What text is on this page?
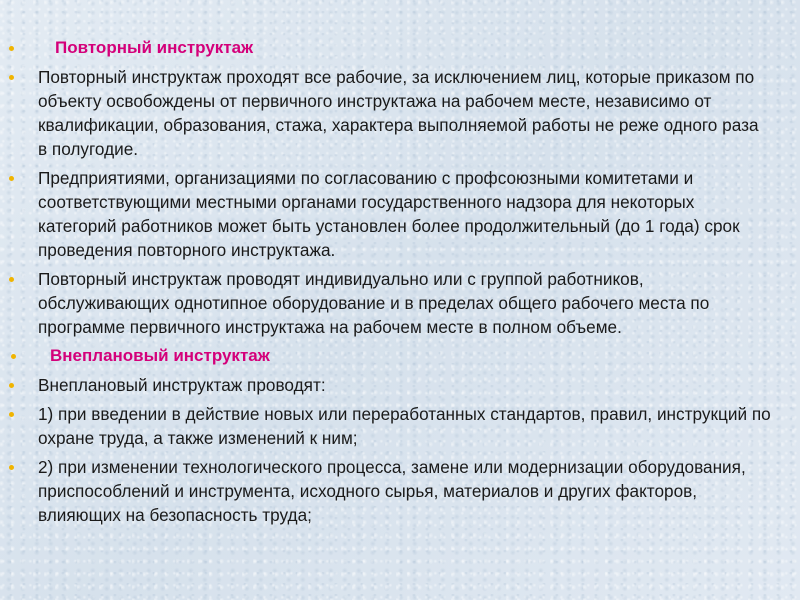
Повторный инструктаж
Повторный инструктаж проходят все рабочие, за исключением лиц, которые приказом по объекту освобождены от первичного инструктажа на рабочем месте, независимо от квалификации, образования, стажа, характера выполняемой работы не реже одного раза в полугодие.
Предприятиями, организациями по согласованию с профсоюзными комитетами и соответствующими местными органами государственного надзора для некоторых категорий работников может быть установлен более продолжительный (до 1 года) срок проведения повторного инструктажа.
Повторный инструктаж проводят индивидуально или с группой работников, обслуживающих однотипное оборудование и в пределах общего рабочего места по программе первичного инструктажа на рабочем месте в полном объеме.
Внеплановый инструктаж
Внеплановый инструктаж проводят:
1) при введении в действие новых или переработанных стандартов, правил, инструкций по охране труда, а также изменений к ним;
2) при изменении технологического процесса, замене или модернизации оборудования, приспособлений и инструмента, исходного сырья, материалов и других факторов, влияющих на безопасность труда;
